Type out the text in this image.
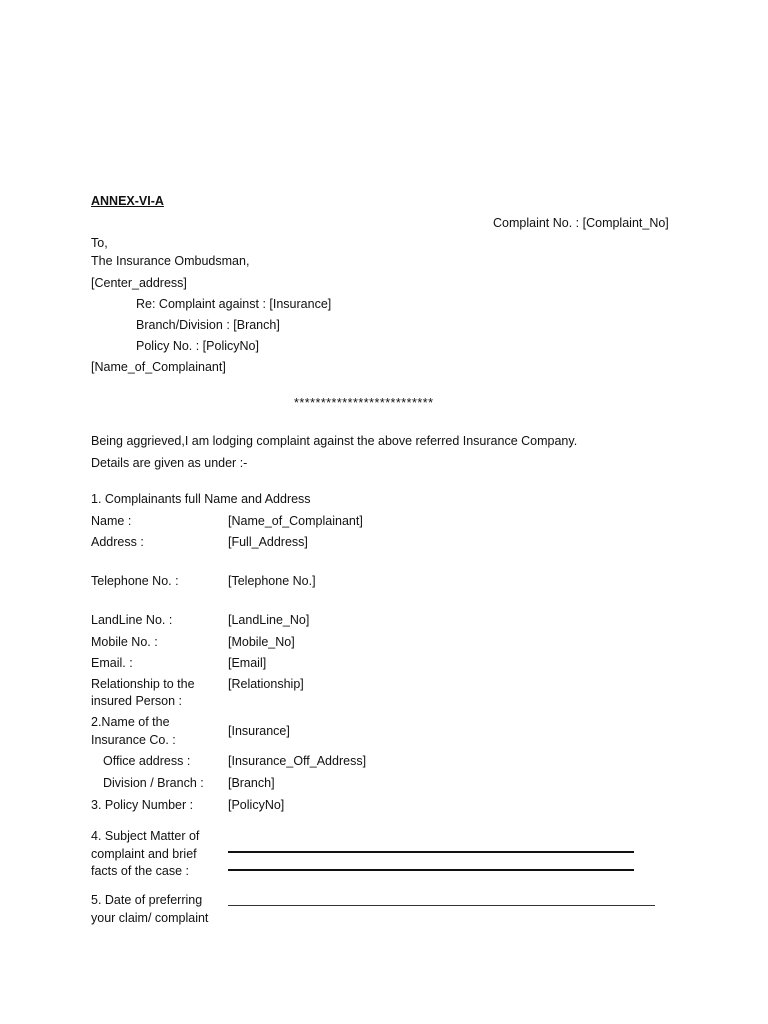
ANNEX-VI-A
Complaint No. : [Complaint_No]
To,
The Insurance Ombudsman,
[Center_address]
Re: Complaint against : [Insurance]
Branch/Division : [Branch]
Policy No. : [PolicyNo]
[Name_of_Complainant]
**************************
Being aggrieved,I am lodging complaint against the above referred Insurance Company.
Details are given as under :-
1. Complainants full Name and Address
Name :	[Name_of_Complainant]
Address :	[Full_Address]
Telephone No. :	[Telephone No.]
LandLine No. :	[LandLine_No]
Mobile No. :	[Mobile_No]
Email. :	[Email]
Relationship to the
insured Person :
[Relationship]
2.Name of the
Insurance Co. :
[Insurance]
Office address :	[Insurance_Off_Address]
Division / Branch : [Branch]
3. Policy Number :	[PolicyNo]
4. Subject Matter of
complaint and brief
facts of the case :
5. Date of preferring
your claim/ complaint
